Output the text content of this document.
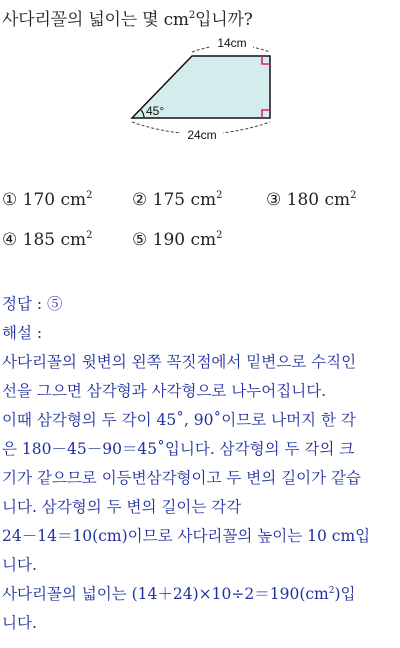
사다리꼴의 넓이는 몇 $cm^2$입니까?
45°
14cm
24cm
① 170 $cm^2$ ② 175 $cm^2$	③ 180 $cm^2$
④ 185 $cm^2$ ⑤ 190 $cm^2$
정답 : ⑤
해설 :
사다리꼴의 윗변의 왼쪽 꼭짓점에서 밑변으로 수직인
선을 그으면 삼각형과 사각형으로 나누어집니다.
이때 삼각형의 두 각이 45˚, 90˚이므로 나머지 한 각
은 180－45－90＝45˚입니다. 삼각형의 두 각의 크
기가 같으므로 이등변삼각형이고 두 변의 길이가 같습
니다. 삼각형의 두 변의 길이는 각각
24－14＝10(cm)이므로 사다리꼴의 높이는 10 cm입
니다.
사다리꼴의 넓이는 $(14+24)\times 10\div 2=190(cm^2)$입
니다.
